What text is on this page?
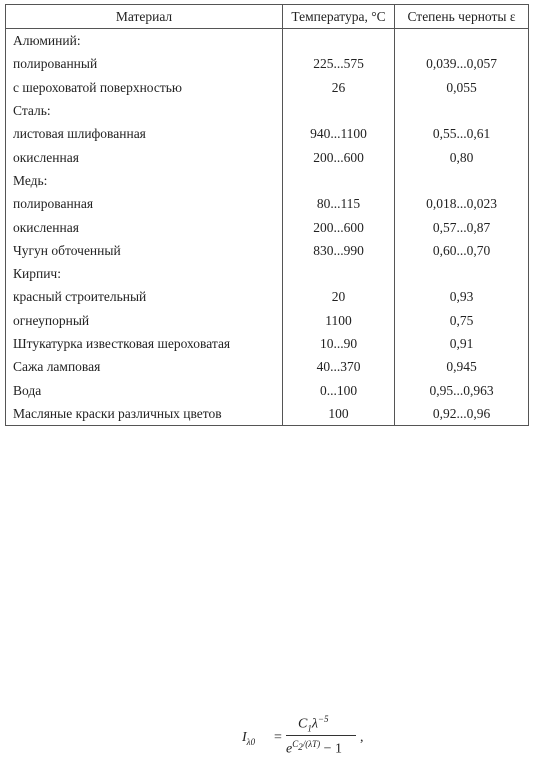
Материал	Температура, °С	Степень черноты ε
Алюминий:		
полированный	225...575	0,039...0,057
с шероховатой поверхностью	26	0,055
Сталь:		
листовая шлифованная	940...1100	0,55...0,61
окисленная	200...600	0,80
Медь:		
полированная	80...115	0,018...0,023
окисленная	200...600	0,57...0,87
Чугун обточенный	830...990	0,60...0,70
Кирпич:		
красный строительный	20	0,93
огнеупорный	1100	0,75
Штукатурка известковая шероховатая	10...90	0,91
Сажа ламповая	40...370	0,945
Вода	0...100	0,95...0,963
Масляные краски различных цветов	100	0,92...0,96
$I_{\lambda 0}$ =
$C_1\lambda^{-5}$
$e^{C_2/(\lambda T)} - 1$
,
